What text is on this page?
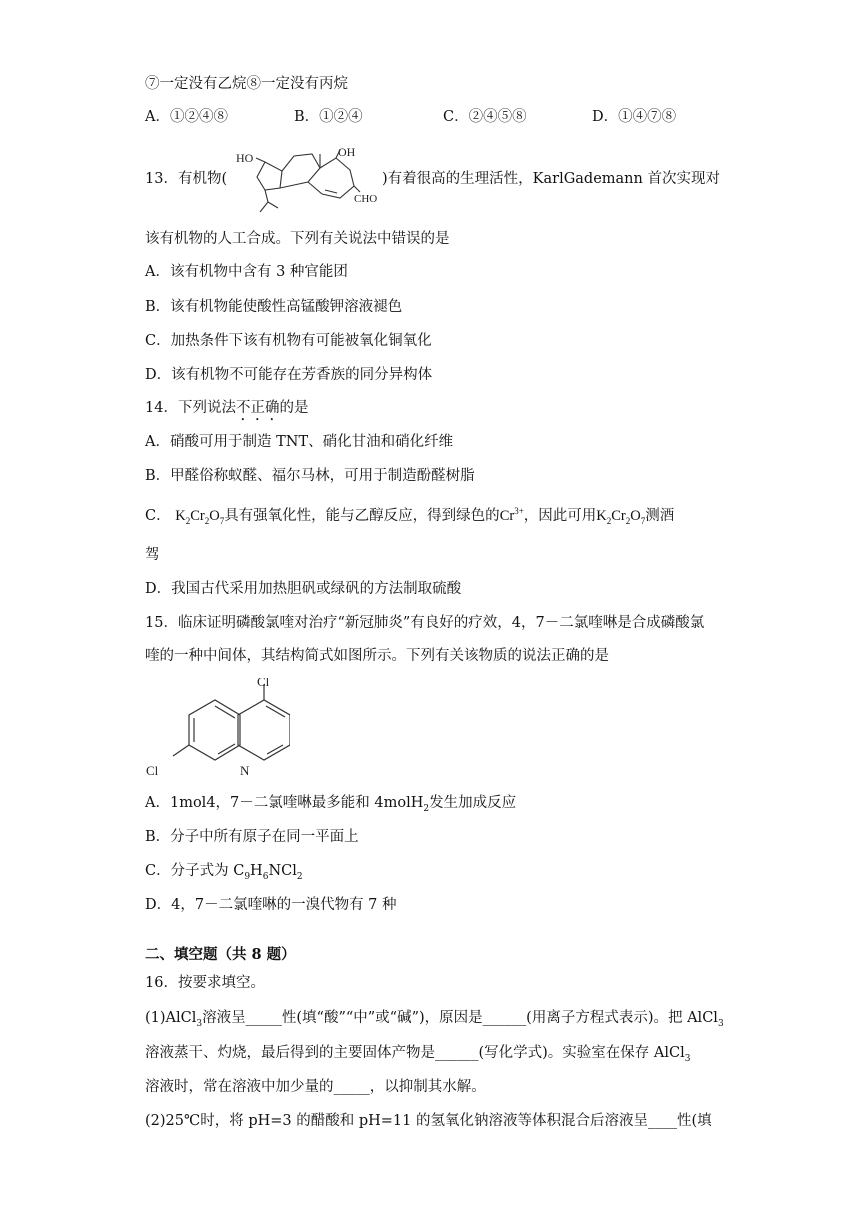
⑦一定没有乙烷⑧一定没有丙烷
A．①②④⑧	B．①②④	C．②④⑤⑧	D．①④⑦⑧
13．有机物(
HO	OH
CHO
)有着很高的生理活性，KarlGademann 首次实现对
该有机物的人工合成。下列有关说法中错误的是
A．该有机物中含有 3 种官能团
B．该有机物能使酸性高锰酸钾溶液褪色
C．加热条件下该有机物有可能被氧化铜氧化
D．该有机物不可能存在芳香族的同分异构体
14．下列说法不正确的是
A．硝酸可用于制造 TNT、硝化甘油和硝化纤维
B．甲醛俗称蚁醛、福尔马林，可用于制造酚醛树脂
C． $K_2Cr_2O_7$具有强氧化性，能与乙醇反应，得到绿色的$Cr^{3+}$，因此可用$K_2Cr_2O_7$测酒
驾
D．我国古代采用加热胆矾或绿矾的方法制取硫酸
15．临床证明磷酸氯喹对治疗“新冠肺炎”有良好的疗效，4，7－二氯喹啉是合成磷酸氯
喹的一种中间体，其结构简式如图所示。下列有关该物质的说法正确的是
Cl
Cl	N
A．1mol4，7－二氯喹啉最多能和 4molH$_2$发生加成反应
B．分子中所有原子在同一平面上
C．分子式为 $C_9H_6NCl_2$
D．4，7－二氯喹啉的一溴代物有 7 种
二、填空题（共 8 题）
16．按要求填空。
(1)AlCl$_3$溶液呈_____性(填“酸”“中”或“碱”)，原因是______(用离子方程式表示)。把 AlCl$_3$
溶液蒸干、灼烧，最后得到的主要固体产物是______(写化学式)。实验室在保存 AlCl$_3$
溶液时，常在溶液中加少量的_____，以抑制其水解。
(2)25℃时，将 pH=3 的醋酸和 pH=11 的氢氧化钠溶液等体积混合后溶液呈____性(填
